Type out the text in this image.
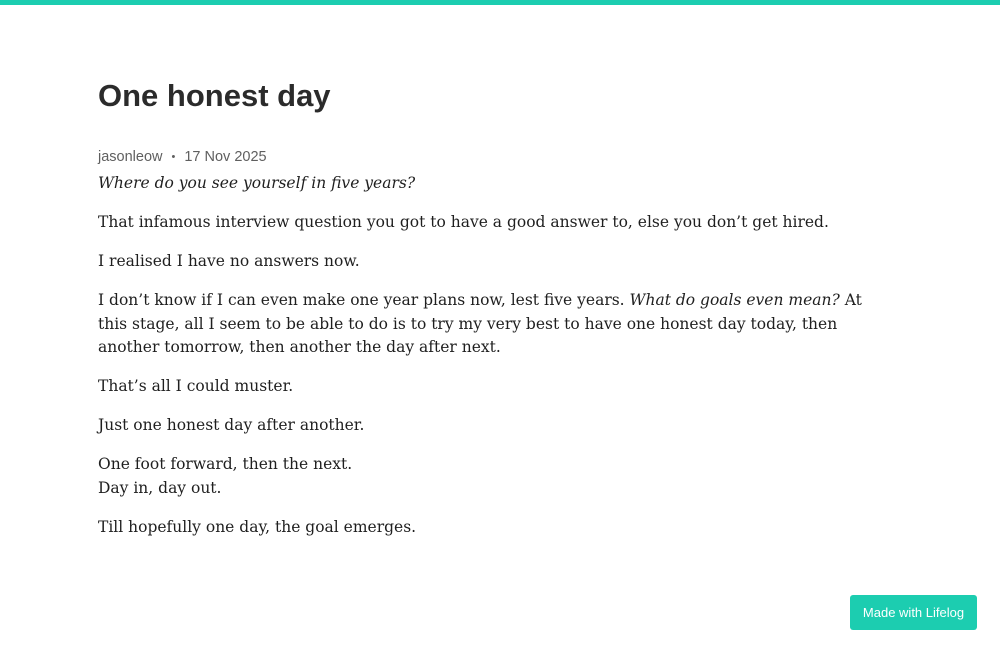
One honest day
jasonleow • 17 Nov 2025

Where do you see yourself in five years?

That infamous interview question you got to have a good answer to, else you don’t get hired.

I realised I have no answers now.

I don’t know if I can even make one year plans now, lest five years. What do goals even mean? At this stage, all I seem to be able to do is to try my very best to have one honest day today, then another tomorrow, then another the day after next.

That’s all I could muster.

Just one honest day after another.

One foot forward, then the next.
Day in, day out.

Till hopefully one day, the goal emerges.

Made with Lifelog
